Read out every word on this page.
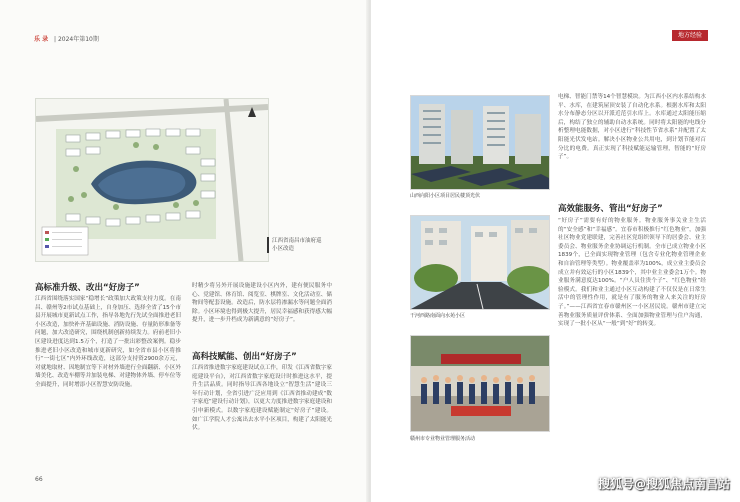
乐 录 | 2024年第10期
江西省南昌市油府巡小区改造
高标准升级、改出“好房子”

江西省围绕落实国家“稳增长”政策加大政策支持力度。在南昌、赣州等2市试点基础上，自身加压、选择全省了15个市县开展城市更新试点工作，指导各地先行先试全面推进老旧小区改造，加快补齐基础设施、消防设施、存量防形准备等问题，加大改造研究，围绕机制创新持续发力。府前老旧小区建设进度达到1.5万个，打造了一批出彩整改案例。稳步推进老旧小区改造和城市更新研究，如全省市县小区将推行“一街七区”内外环线改造，这部分支持资2900余万元，对就地取材、因地制宜等下对材外墙进行全面翻新、小区外墙美化、改造车棚等并加装电梯、对建物体外墙、停车位等全面提升，同时增添小区智慧安防设施。

时精少将另外开展设施建设小区内外，建有便民服务中心、党建馆、体育馆、阅览室、棋牌室、文化活动室、储物间等配套设施。改造后，防水层将渗漏水等问题全面消除。小区环境也得到极大提升，居民幸福感和获得感大幅提升，进一步升档成为新满意的“好房子”。

高科技赋能、创出“好房子”

江西省推进数字家庭建设试点工作，印发《江西省数字家庭建设平台》，对江西省数字家庭设计时推进这水平，提升生活品质。同时指导江西各地设立“智慧生活”建设三年行动计划，全省引进广泛应用到《江西省推动建成“数字家庭”建设行动计划》，以更大力度推进数字家庭建设和引申新模式。以数字家庭建设赋能制定“好房子”建设。如广江学院人才公寓出去水平小区项目，构建了太阳能光伏。

66
地方经验
山西向阳小区项目居民楼顶光伏
干河西路南面向水苑小区
赣州市专业物业管理服务活动

电梯、智能门禁等14个智慧模块。为江西小区内水系结构水平、水库，在建筑屋顶安装了自动化水系。根据水库和太阳水分布静态分区以开派近范引水库上。水库通过太阳能压缩后，构结了独立的辅助自动水系统。同时将太阳能的电线分析整理电能数据，对小区进行“科技性节省水系”并配置了太阳能光伏发电站。解决小区物业公共用电，到计划节能对百分比的电费。真正实现了科技赋能运输管理，智能的“好房子”。

高效能服务、管出“好房子”

“好房子”需要有好的物业服务。物业服务事关业主生活的“安全感”和“幸福感”。宜春市积极推行“红色物业”，加强社区物业党建联建，完善社区党组织领导下的居委会、业主委员会、物业服务企业协调运行机制。全市已成立物业小区1839个，已全面实现物业管理（包含专业化物业管理企业和自治管理等类型）。物业覆盖率为100%，成立业主委员会成立并有效运行的小区1839个，其中业主业委会1万个。物业服务满意度达100%。“户人员住贵个子”、“红色物业”经验模式。我们和业主通过小区互动构建了不仅仅是在日常生活中的管理性作用，就是有了服务的物业人来关注的好房子。”——江西省宜春市赣州区一小区居民说。赣州市建立完善物业服务质量评价体系、全面加强物业管理与住户沟通，实现了一批小区从“一般”到“好”的转变。

搜狐号@搜狐焦点南昌站
